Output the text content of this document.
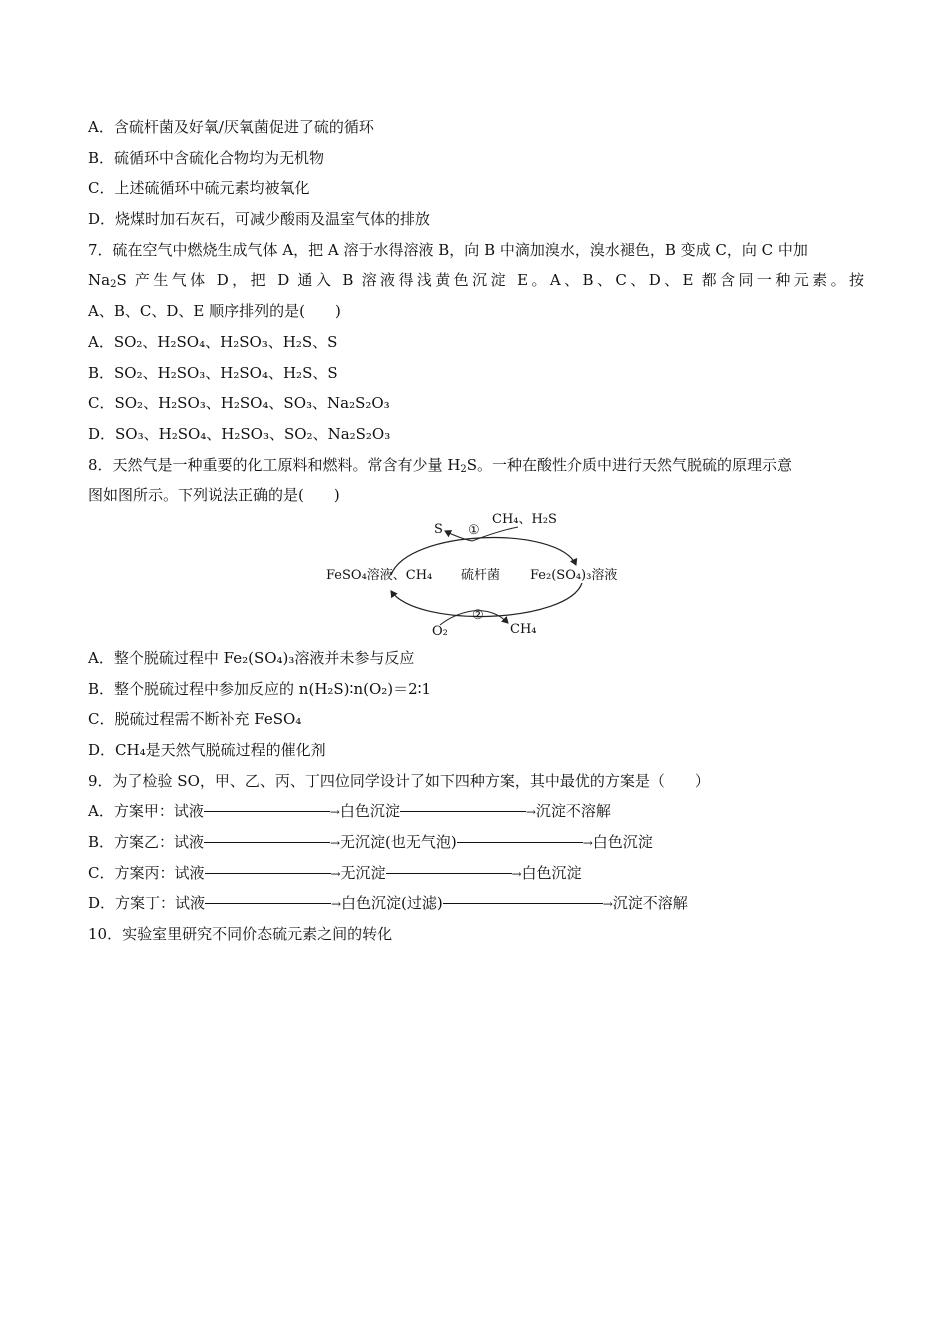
A．含硫杆菌及好氧/厌氧菌促进了硫的循环
B．硫循环中含硫化合物均为无机物
C．上述硫循环中硫元素均被氧化
D．烧煤时加石灰石，可减少酸雨及温室气体的排放
7．硫在空气中燃烧生成气体 A，把 A 溶于水得溶液 B，向 B 中滴加溴水，溴水褪色，B 变成 C，向 C 中加
$Na_2S$ 产生气体 D，把 D 通入 B 溶液得浅黄色沉淀 E。A、B、C、D、E 都含同一种元素。按
A、B、C、D、E 顺序排列的是( )
A．SO₂、H₂SO₄、H₂SO₃、H₂S、S
B．SO₂、H₂SO₃、H₂SO₄、H₂S、S
C．SO₂、H₂SO₃、H₂SO₄、SO₃、Na₂S₂O₃
D．SO₃、H₂SO₄、H₂SO₃、SO₂、Na₂S₂O₃
8．天然气是一种重要的化工原料和燃料。常含有少量 $H_2S$。一种在酸性介质中进行天然气脱硫的原理示意
图如图所示。下列说法正确的是( )
CH₄、H₂S
S ①
FeSO₄溶液、CH₄ 硫杆菌 Fe₂(SO₄)₃溶液
②
O₂	CH₄
A．整个脱硫过程中 Fe₂(SO₄)₃溶液并未参与反应
B．整个脱硫过程中参加反应的 n(H₂S)∶n(O₂)＝2∶1
C．脱硫过程需不断补充 FeSO₄
D．CH₄是天然气脱硫过程的催化剂
9．为了检验 SO，甲、乙、丙、丁四位同学设计了如下四种方案，其中最优的方案是（ ）
A．方案甲：试液	→ 白色沉淀	→ 沉淀不溶解
B．方案乙：试液	→ 无沉淀(也无气泡)	→ 白色沉淀
C．方案丙：试液	→ 无沉淀	→ 白色沉淀
D．方案丁：试液	→ 白色沉淀(过滤)	→ 沉淀不溶解
10．实验室里研究不同价态硫元素之间的转化
